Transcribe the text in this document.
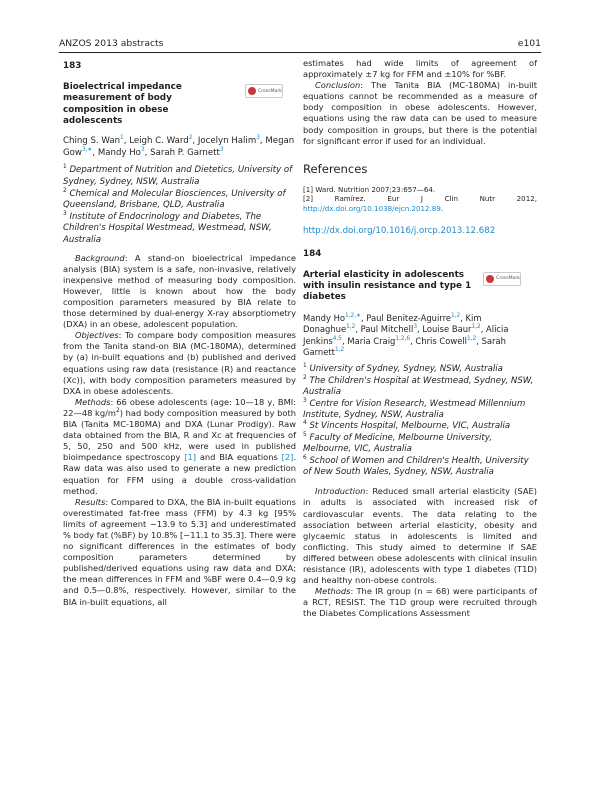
ANZOS 2013 abstracts	e101
183
Bioelectrical impedance measurement of body composition in obese adolescents
CrossMark
Ching S. Wan$^1$, Leigh C. Ward$^2$, Jocelyn Halim$^3$, Megan Gow$^{3,∗}$, Mandy Ho$^3$, Sarah P. Garnett$^3$
$^1$ Department of Nutrition and Dietetics, University of Sydney, Sydney, NSW, Australia
$^2$ Chemical and Molecular Biosciences, University of Queensland, Brisbane, QLD, Australia
$^3$ Institute of Endocrinology and Diabetes, The Children's Hospital Westmead, Westmead, NSW, Australia

Background: A stand-on bioelectrical impedance analysis (BIA) system is a safe, non-invasive, relatively inexpensive method of measuring body composition. However, little is known about how the body composition parameters measured by BIA relate to those determined by dual-energy X-ray absorptiometry (DXA) in an obese, adolescent population.

Objectives: To compare body composition measures from the Tanita stand-on BIA (MC-180MA), determined by (a) in-built equations and (b) published and derived equations using raw data (resistance (R) and reactance (Xc)), with body composition parameters measured by DXA in obese adolescents.

Methods: 66 obese adolescents (age: 10—18 y, BMI: 22—48 $kg/m^2$) had body composition measured by both BIA (Tanita MC-180MA) and DXA (Lunar Prodigy). Raw data obtained from the BIA, R and Xc at frequencies of 5, 50, 250 and 500 kHz, were used in published bioimpedance spectroscopy [1] and BIA equations [2]. Raw data was also used to generate a new prediction equation for FFM using a double cross-validation method.

Results: Compared to DXA, the BIA in-built equations overestimated fat-free mass (FFM) by 4.3 kg [95% limits of agreement −13.9 to 5.3] and underestimated % body fat (%BF) by 10.8% [−11.1 to 35.3]. There were no significant differences in the estimates of body composition parameters determined by published/derived equations using raw data and DXA; the mean differences in FFM and %BF were 0.4—0.9 kg and 0.5—0.8%, respectively. However, similar to the BIA in-built equations, all

estimates had wide limits of agreement of approximately ±7 kg for FFM and ±10% for %BF.

Conclusion: The Tanita BIA (MC-180MA) in-built equations cannot be recommended as a measure of body composition in obese adolescents. However, equations using the raw data can be used to measure body composition in groups, but there is the potential for significant error if used for an individual.

References
[1] Ward. Nutrition 2007;23:657—64.
[2]	Ramírez. Eur J Clin Nutr 2012, http://dx.doi.org/10.1038/ejcn.2012.89.
http://dx.doi.org/10.1016/j.orcp.2013.12.682
184
Arterial elasticity in adolescents with insulin resistance and type 1 diabetes
CrossMark
Mandy $Ho^{1,2,∗}$, Paul Benitez-Aguirre$^{1,2}$, Kim Donaghue$^{1,2}$, Paul Mitchell$^3$, Louise Baur$^{1,2}$, Alicia Jenkins$^{4,5}$, Maria Craig$^{1,2,6}$, Chris Cowell$^{1,2}$, Sarah Garnett$^{1,2}$
$^1$ University of Sydney, Sydney, NSW, Australia
$^2$ The Children's Hospital at Westmead, Sydney, NSW, Australia
$^3$ Centre for Vision Research, Westmead Millennium Institute, Sydney, NSW, Australia
$^4$ St Vincents Hospital, Melbourne, VIC, Australia
$^5$ Faculty of Medicine, Melbourne University, Melbourne, VIC, Australia
$^6$ School of Women and Children's Health, University of New South Wales, Sydney, NSW, Australia

Introduction: Reduced small arterial elasticity (SAE) in adults is associated with increased risk of cardiovascular events. The data relating to the association between arterial elasticity, obesity and glycaemic status in adolescents is limited and conflicting. This study aimed to determine if SAE differed between obese adolescents with clinical insulin resistance (IR), adolescents with type 1 diabetes (T1D) and healthy non-obese controls.

Methods: The IR group (n = 68) were participants of a RCT, RESIST. The T1D group were recruited through the Diabetes Complications Assessment
